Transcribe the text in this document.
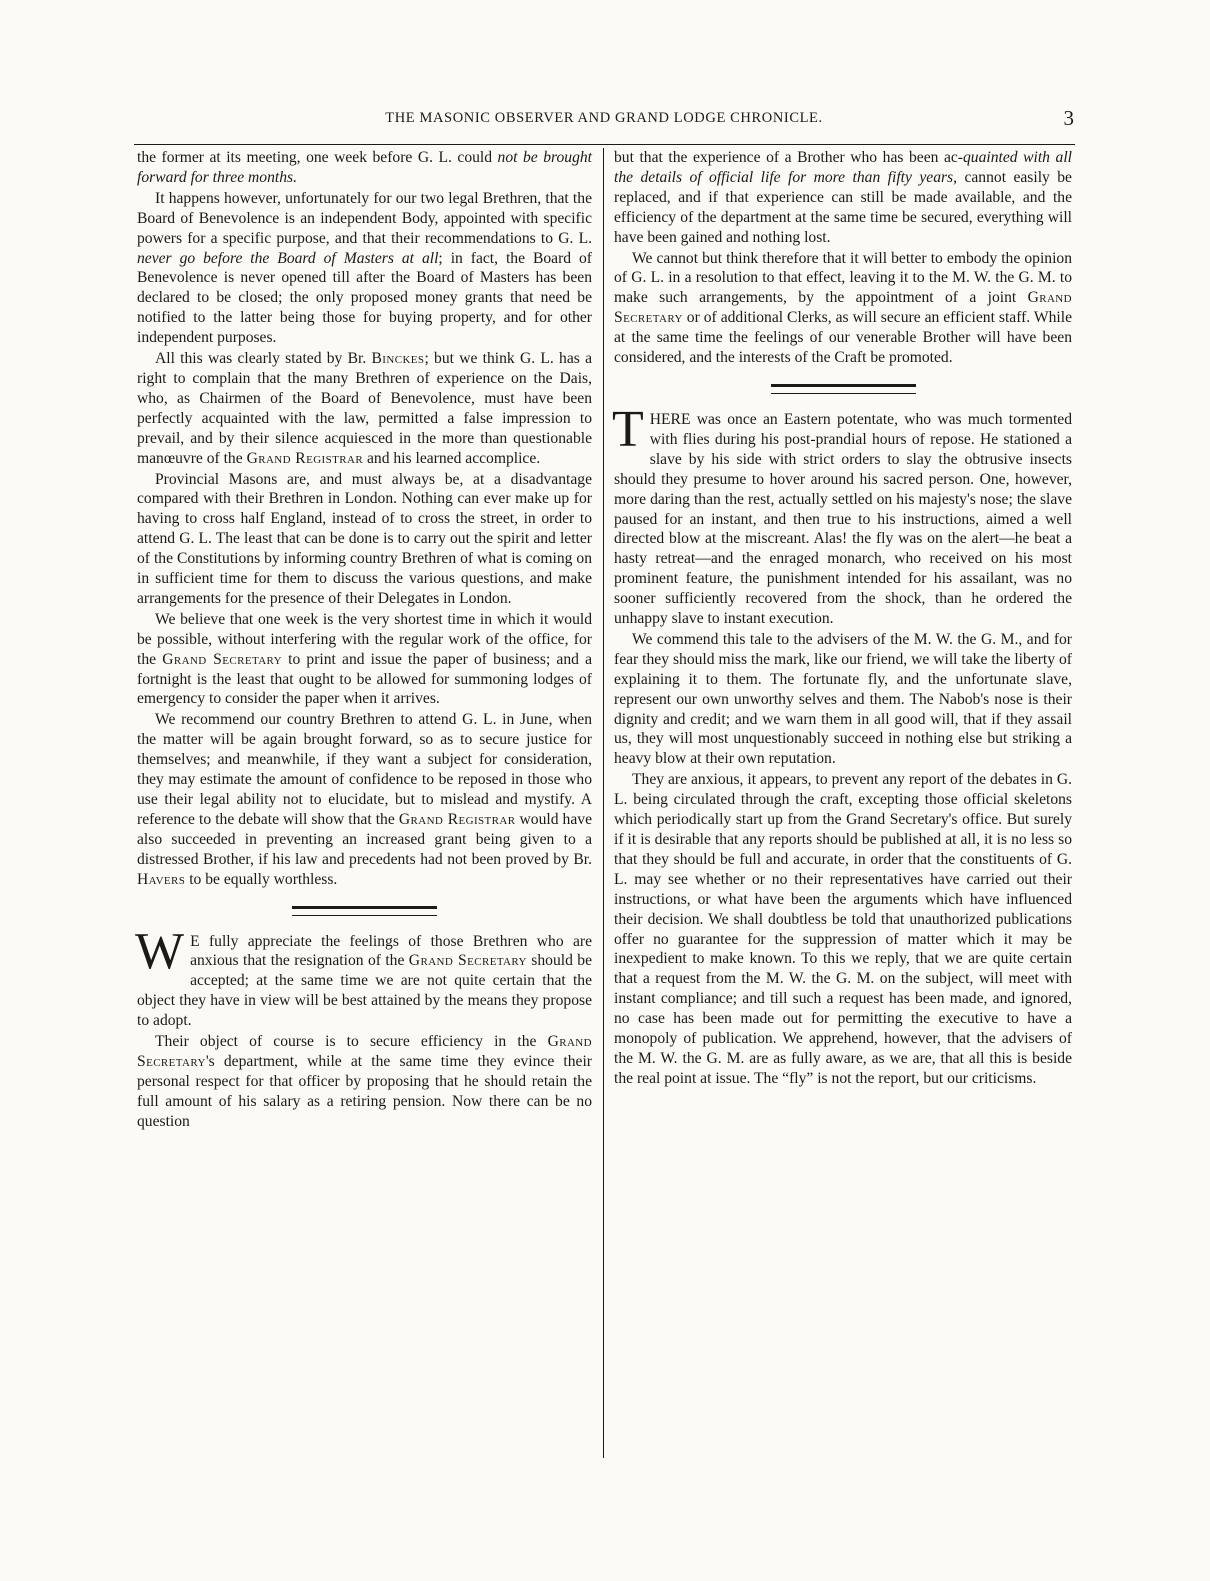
THE MASONIC OBSERVER AND GRAND LODGE CHRONICLE.	3

the former at its meeting, one week before G. L. could not be brought forward for three months.

It happens however, unfortunately for our two legal Brethren, that the Board of Benevolence is an independent Body, appointed with specific powers for a specific purpose, and that their recommendations to G. L. never go before the Board of Masters at all; in fact, the Board of Benevolence is never opened till after the Board of Masters has been declared to be closed; the only proposed money grants that need be notified to the latter being those for buying property, and for other independent purposes.

All this was clearly stated by Br. Binckes; but we think G. L. has a right to complain that the many Brethren of experience on the Dais, who, as Chairmen of the Board of Benevolence, must have been perfectly acquainted with the law, permitted a false impression to prevail, and by their silence acquiesced in the more than questionable manœuvre of the Grand Registrar and his learned accomplice.

Provincial Masons are, and must always be, at a disadvantage compared with their Brethren in London. Nothing can ever make up for having to cross half England, instead of to cross the street, in order to attend G. L. The least that can be done is to carry out the spirit and letter of the Constitutions by informing country Brethren of what is coming on in sufficient time for them to discuss the various questions, and make arrangements for the presence of their Delegates in London.

We believe that one week is the very shortest time in which it would be possible, without interfering with the regular work of the office, for the Grand Secretary to print and issue the paper of business; and a fortnight is the least that ought to be allowed for summoning lodges of emergency to consider the paper when it arrives.

We recommend our country Brethren to attend G. L. in June, when the matter will be again brought forward, so as to secure justice for themselves; and meanwhile, if they want a subject for consideration, they may estimate the amount of confidence to be reposed in those who use their legal ability not to elucidate, but to mislead and mystify. A reference to the debate will show that the Grand Registrar would have also succeeded in preventing an increased grant being given to a distressed Brother, if his law and precedents had not been proved by Br. Havers to be equally worthless.

W E fully appreciate the feelings of those Brethren who are anxious that the resignation of the Grand Secretary should be accepted; at the same time we are not quite certain that the object they have in view will be best attained by the means they propose to adopt.

Their object of course is to secure efficiency in the Grand Secretary's department, while at the same time they evince their personal respect for that officer by proposing that he should retain the full amount of his salary as a retiring pension. Now there can be no question

but that the experience of a Brother who has been ac-quainted with all the details of official life for more than fifty years, cannot easily be replaced, and if that experience can still be made available, and the efficiency of the department at the same time be secured, everything will have been gained and nothing lost.

We cannot but think therefore that it will better to embody the opinion of G. L. in a resolution to that effect, leaving it to the M. W. the G. M. to make such arrangements, by the appointment of a joint Grand Secretary or of additional Clerks, as will secure an efficient staff. While at the same time the feelings of our venerable Brother will have been considered, and the interests of the Craft be promoted.

THERE was once an Eastern potentate, who was much tormented with flies during his post-prandial hours of repose. He stationed a slave by his side with strict orders to slay the obtrusive insects should they presume to hover around his sacred person. One, however, more daring than the rest, actually settled on his majesty's nose; the slave paused for an instant, and then true to his instructions, aimed a well directed blow at the miscreant. Alas! the fly was on the alert—he beat a hasty retreat—and the enraged monarch, who received on his most prominent feature, the punishment intended for his assailant, was no sooner sufficiently recovered from the shock, than he ordered the unhappy slave to instant execution.

We commend this tale to the advisers of the M. W. the G. M., and for fear they should miss the mark, like our friend, we will take the liberty of explaining it to them. The fortunate fly, and the unfortunate slave, represent our own unworthy selves and them. The Nabob's nose is their dignity and credit; and we warn them in all good will, that if they assail us, they will most unquestionably succeed in nothing else but striking a heavy blow at their own reputation.

They are anxious, it appears, to prevent any report of the debates in G. L. being circulated through the craft, excepting those official skeletons which periodically start up from the Grand Secretary's office. But surely if it is desirable that any reports should be published at all, it is no less so that they should be full and accurate, in order that the constituents of G. L. may see whether or no their representatives have carried out their instructions, or what have been the arguments which have influenced their decision. We shall doubtless be told that unauthorized publications offer no guarantee for the suppression of matter which it may be inexpedient to make known. To this we reply, that we are quite certain that a request from the M. W. the G. M. on the subject, will meet with instant compliance; and till such a request has been made, and ignored, no case has been made out for permitting the executive to have a monopoly of publication. We apprehend, however, that the advisers of the M. W. the G. M. are as fully aware, as we are, that all this is beside the real point at issue. The “fly” is not the report, but our criticisms.
